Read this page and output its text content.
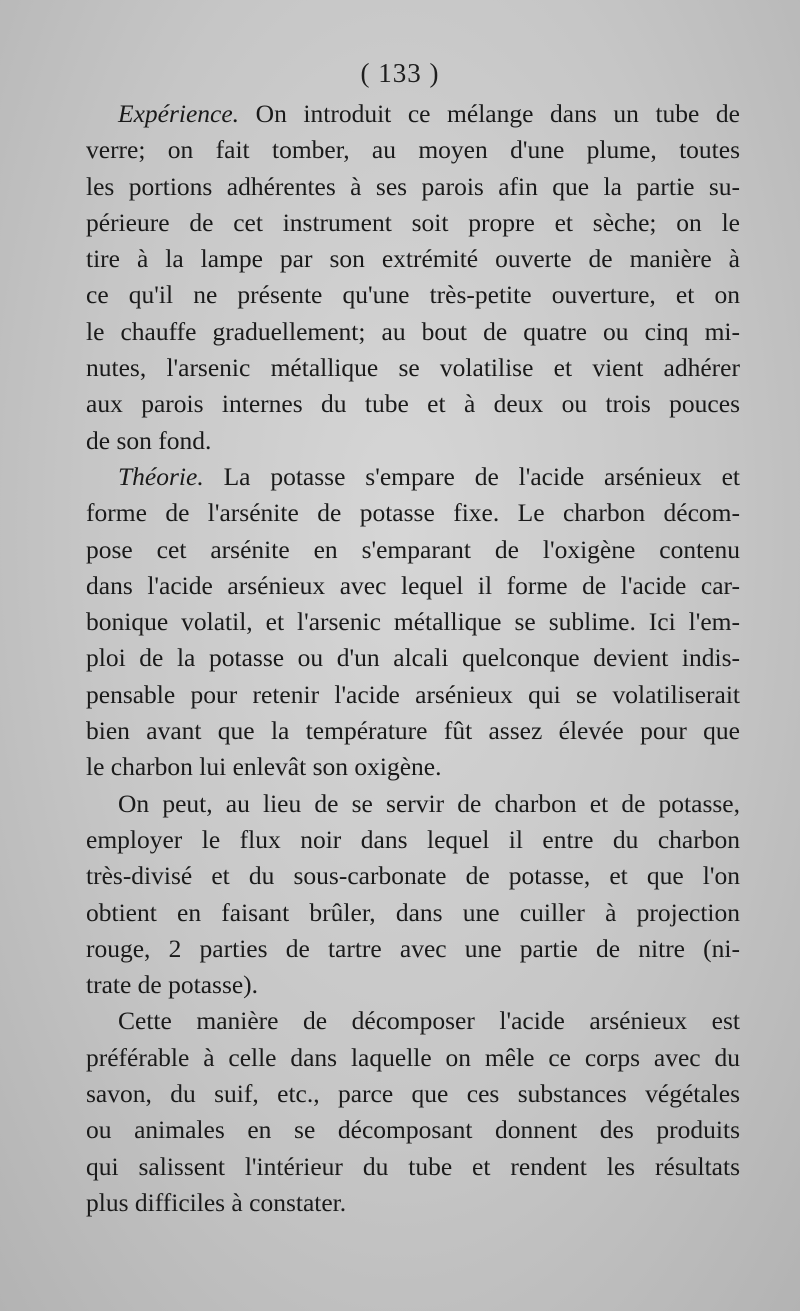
( 133 )
Expérience. On introduit ce mélange dans un tube de
verre; on fait tomber, au moyen d'une plume, toutes
les portions adhérentes à ses parois afin que la partie su-
périeure de cet instrument soit propre et sèche; on le
tire à la lampe par son extrémité ouverte de manière à
ce qu'il ne présente qu'une très-petite ouverture, et on
le chauffe graduellement; au bout de quatre ou cinq mi-
nutes, l'arsenic métallique se volatilise et vient adhérer
aux parois internes du tube et à deux ou trois pouces
de son fond.
Théorie. La potasse s'empare de l'acide arsénieux et
forme de l'arsénite de potasse fixe. Le charbon décom-
pose cet arsénite en s'emparant de l'oxigène contenu
dans l'acide arsénieux avec lequel il forme de l'acide car-
bonique volatil, et l'arsenic métallique se sublime. Ici l'em-
ploi de la potasse ou d'un alcali quelconque devient indis-
pensable pour retenir l'acide arsénieux qui se volatiliserait
bien avant que la température fût assez élevée pour que
le charbon lui enlevât son oxigène.
On peut, au lieu de se servir de charbon et de potasse,
employer le flux noir dans lequel il entre du charbon
très-divisé et du sous-carbonate de potasse, et que l'on
obtient en faisant brûler, dans une cuiller à projection
rouge, 2 parties de tartre avec une partie de nitre (ni-
trate de potasse).
Cette manière de décomposer l'acide arsénieux est
préférable à celle dans laquelle on mêle ce corps avec du
savon, du suif, etc., parce que ces substances végétales
ou animales en se décomposant donnent des produits
qui salissent l'intérieur du tube et rendent les résultats
plus difficiles à constater.
